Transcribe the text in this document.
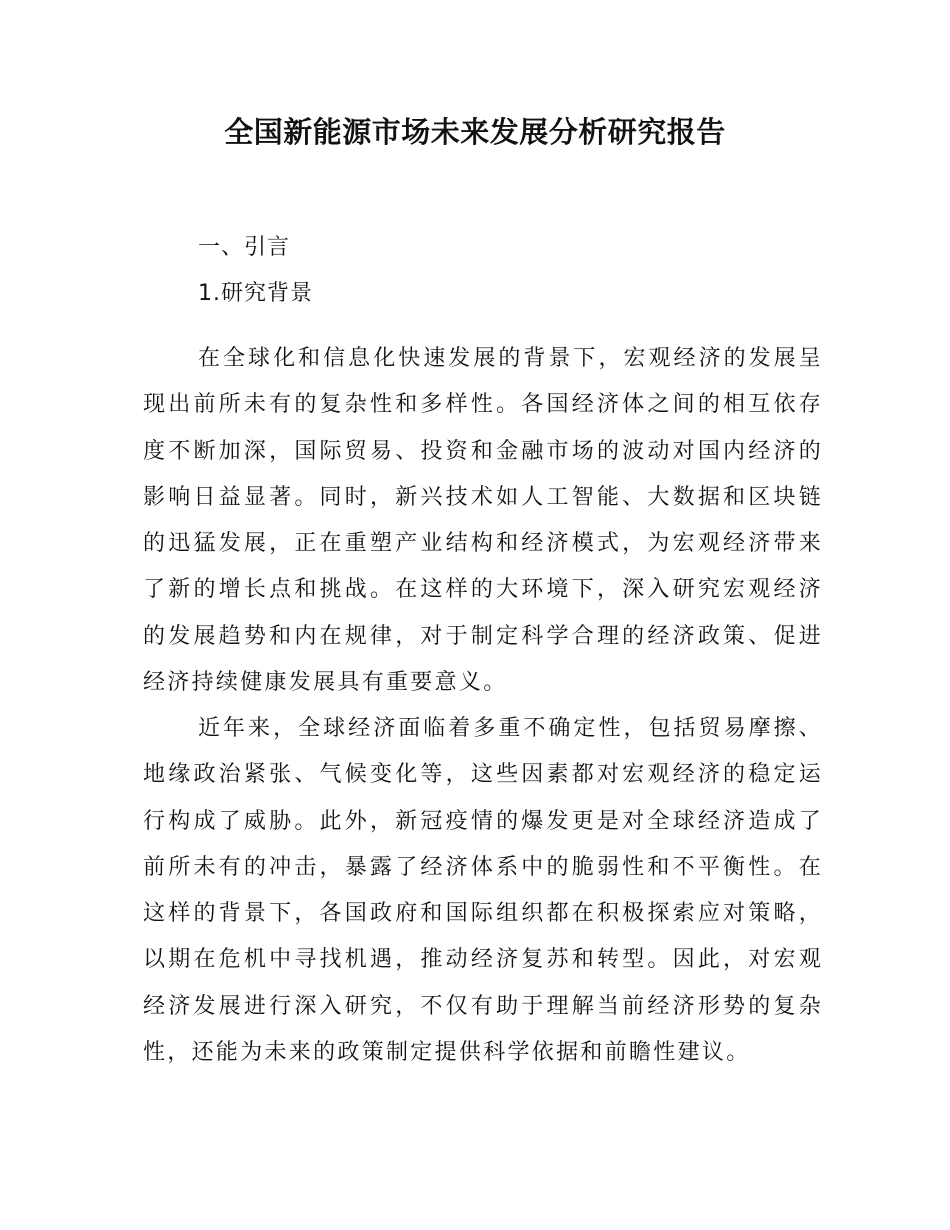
全国新能源市场未来发展分析研究报告
一、引言
1.研究背景

在全球化和信息化快速发展的背景下，宏观经济的发展呈现出前所未有的复杂性和多样性。各国经济体之间的相互依存度不断加深，国际贸易、投资和金融市场的波动对国内经济的影响日益显著。同时，新兴技术如人工智能、大数据和区块链的迅猛发展，正在重塑产业结构和经济模式，为宏观经济带来了新的增长点和挑战。在这样的大环境下，深入研究宏观经济的发展趋势和内在规律，对于制定科学合理的经济政策、促进经济持续健康发展具有重要意义。

近年来，全球经济面临着多重不确定性，包括贸易摩擦、地缘政治紧张、气候变化等，这些因素都对宏观经济的稳定运行构成了威胁。此外，新冠疫情的爆发更是对全球经济造成了前所未有的冲击，暴露了经济体系中的脆弱性和不平衡性。在这样的背景下，各国政府和国际组织都在积极探索应对策略，以期在危机中寻找机遇，推动经济复苏和转型。因此，对宏观经济发展进行深入研究，不仅有助于理解当前经济形势的复杂性，还能为未来的政策制定提供科学依据和前瞻性建议。
